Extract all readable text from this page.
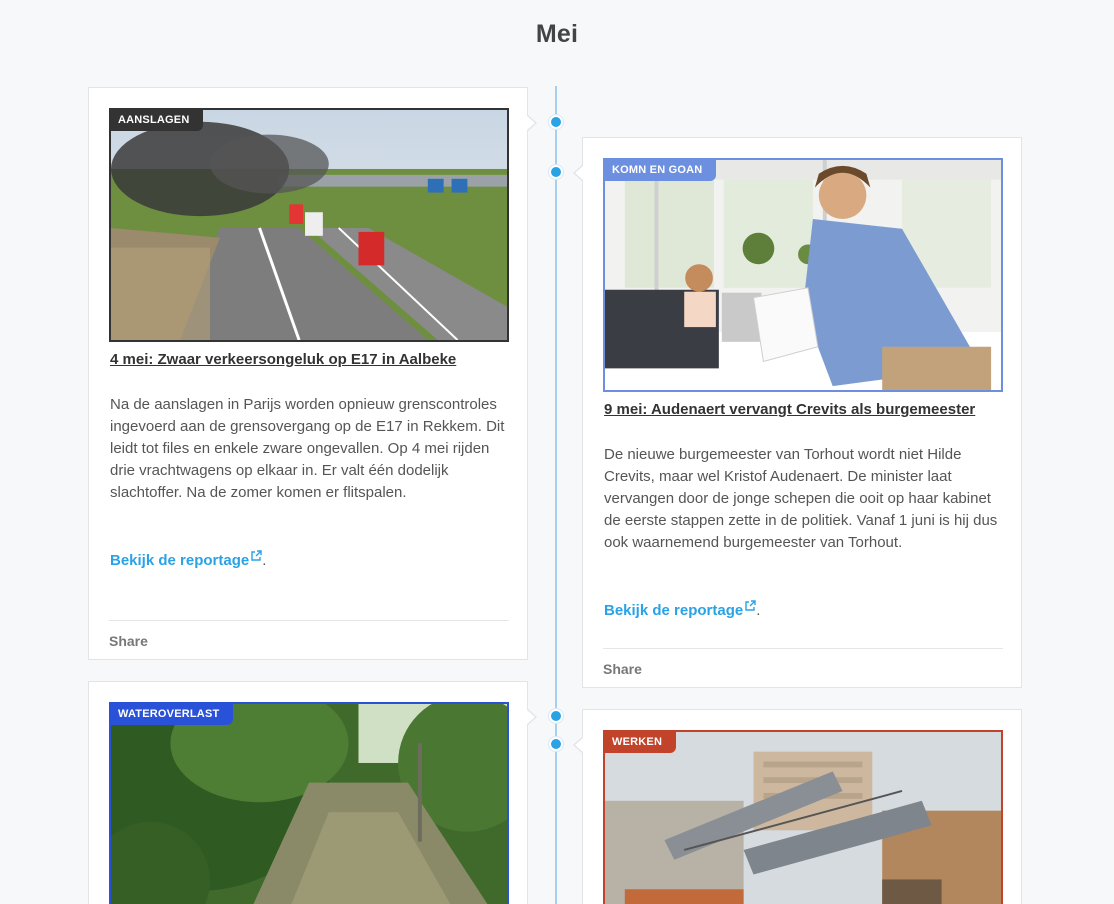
Mei
AANSLAGEN
4 mei: Zwaar verkeersongeluk op E17 in Aalbeke

Na de aanslagen in Parijs worden opnieuw grenscontroles ingevoerd aan de grensovergang op de E17 in Rekkem. Dit leidt tot files en enkele zware ongevallen. Op 4 mei rijden drie vrachtwagens op elkaar in. Er valt één dodelijk slachtoffer. Na de zomer komen er flitspalen.

Bekijk de reportage .
Share
KOMN EN GOAN
9 mei: Audenaert vervangt Crevits als burgemeester

De nieuwe burgemeester van Torhout wordt niet Hilde Crevits, maar wel Kristof Audenaert. De minister laat vervangen door de jonge schepen die ooit op haar kabinet de eerste stappen zette in de politiek. Vanaf 1 juni is hij dus ook waarnemend burgemeester van Torhout.

Bekijk de reportage .
Share
WATEROVERLAST
WERKEN
